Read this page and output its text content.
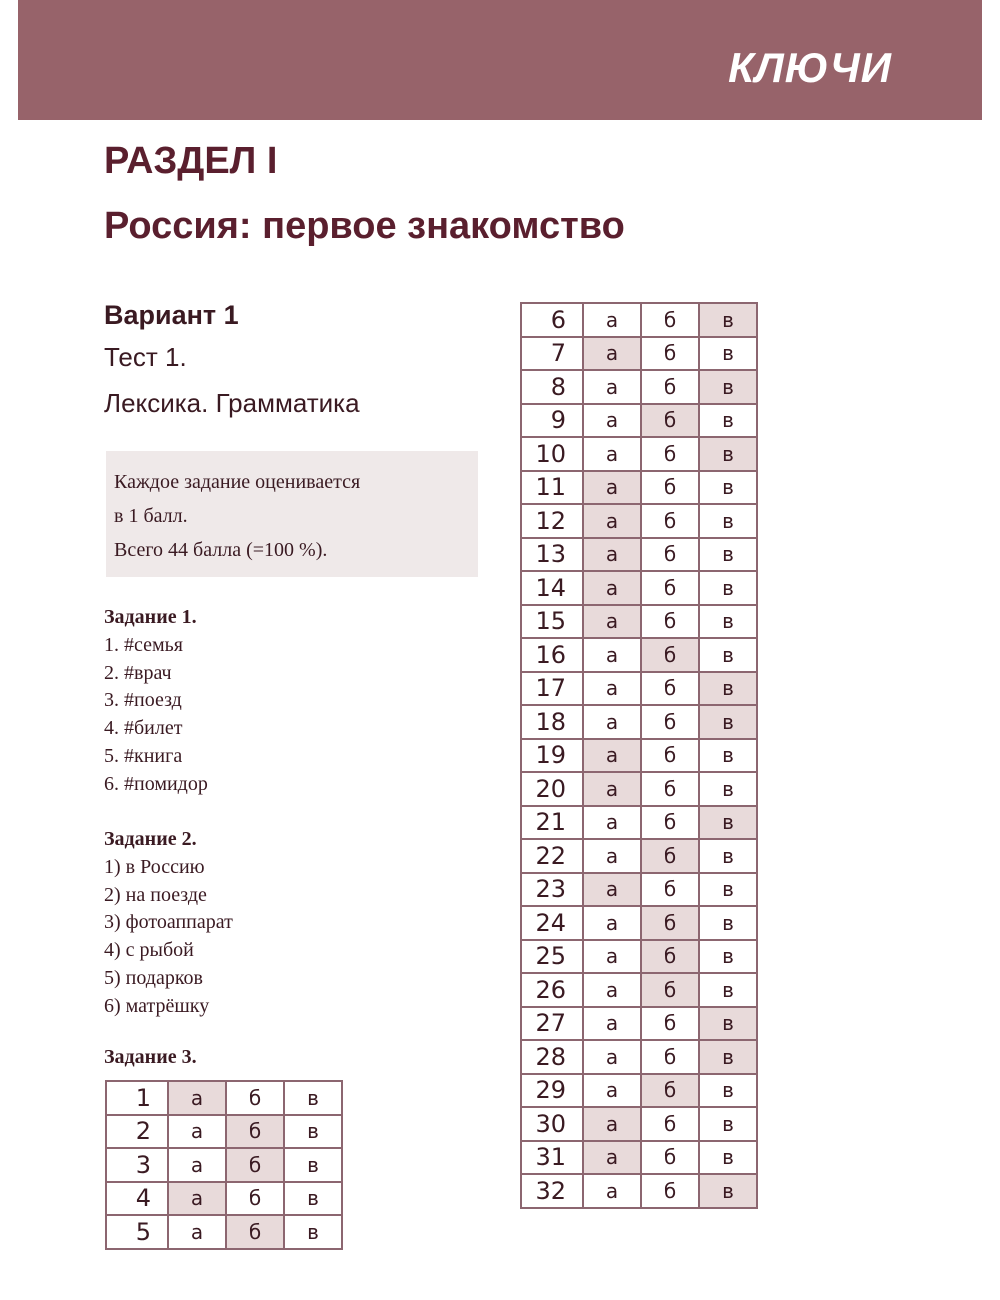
КЛЮЧИ
РАЗДЕЛ I
Россия: первое знакомство
Вариант 1
Тест 1.
Лексика. Грамматика
Каждое задание оценивается
в 1 балл.
Всего 44 балла (=100 %).
Задание 1.
1. #семья
2. #врач
3. #поезд
4. #билет
5. #книга
6. #помидор
Задание 2.
1) в Россию
2) на поезде
3) фотоаппарат
4) с рыбой
5) подарков
6) матрёшку
Задание 3.
1	а	б	в
2	а	б	в
3	а	б	в
4	а	б	в
5	а	б	в
6	а	б	в
7	а	б	в
8	а	б	в
9	а	б	в
10	а	б	в
11	а	б	в
12	а	б	в
13	а	б	в
14	а	б	в
15	а	б	в
16	а	б	в
17	а	б	в
18	а	б	в
19	а	б	в
20	а	б	в
21	а	б	в
22	а	б	в
23	а	б	в
24	а	б	в
25	а	б	в
26	а	б	в
27	а	б	в
28	а	б	в
29	а	б	в
30	а	б	в
31	а	б	в
32	а	б	в
